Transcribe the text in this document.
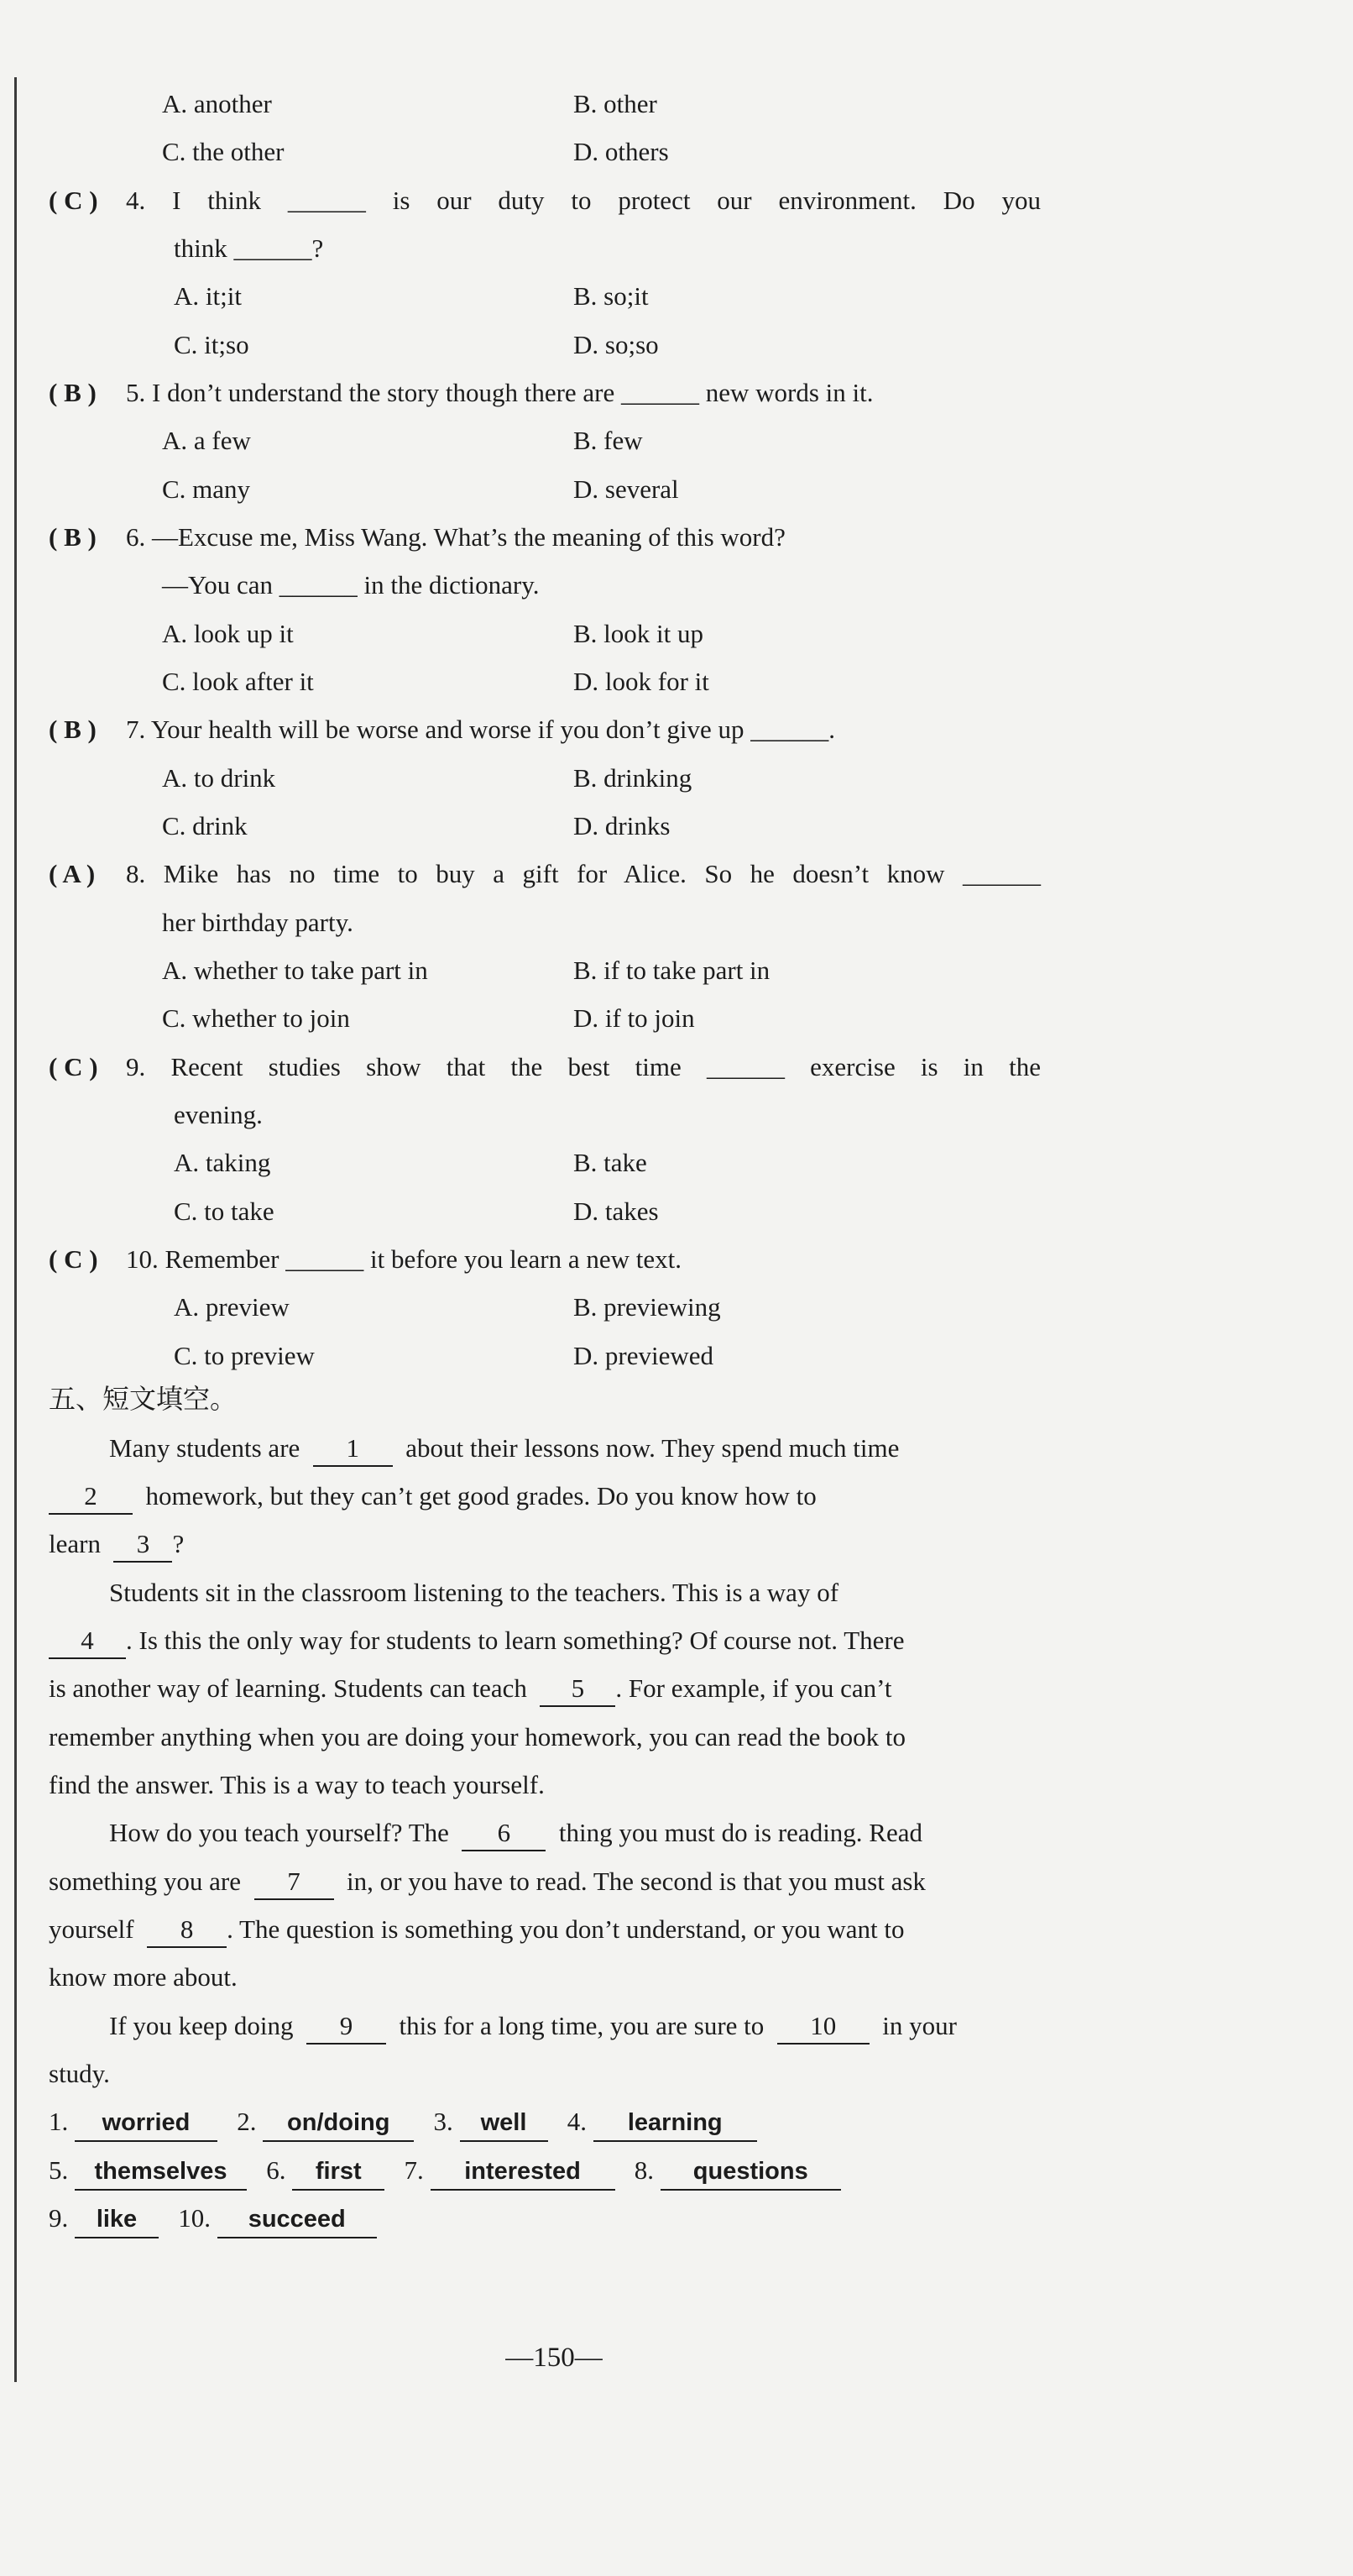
A. another	B. other
C. the other	D. others
( C ) 4. I think ______ is our duty to protect our environment. Do you
think ______?
A. it;it	B. so;it
C. it;so	D. so;so
( B ) 5. I don’t understand the story though there are ______ new words in it.
A. a few	B. few
C. many	D. several
( B ) 6. —Excuse me, Miss Wang. What’s the meaning of this word?
—You can ______ in the dictionary.
A. look up it	B. look it up
C. look after it	D. look for it
( B ) 7. Your health will be worse and worse if you don’t give up ______.
A. to drink	B. drinking
C. drink	D. drinks
( A ) 8. Mike has no time to buy a gift for Alice. So he doesn’t know ______
her birthday party.
A. whether to take part in	B. if to take part in
C. whether to join	D. if to join
( C ) 9. Recent studies show that the best time ______ exercise is in the
evening.
A. taking	B. take
C. to take	D. takes
( C ) 10. Remember ______ it before you learn a new text.
A. preview	B. previewing
C. to preview	D. previewed
五、短文填空。
Many students are 1 about their lessons now. They spend much time
2 homework, but they can’t get good grades. Do you know how to
learn 3 ?
Students sit in the classroom listening to the teachers. This is a way of
4 . Is this the only way for students to learn something? Of course not. There
is another way of learning. Students can teach 5 . For example, if you can’t
remember anything when you are doing your homework, you can read the book to
find the answer. This is a way to teach yourself.
How do you teach yourself? The 6 thing you must do is reading. Read
something you are 7 in, or you have to read. The second is that you must ask
yourself 8 . The question is something you don’t understand, or you want to
know more about.
If you keep doing 9 this for a long time, you are sure to 10 in your
study.
1. worried 2. on/doing 3. well 4. learning
5. themselves 6. first 7. interested 8. questions
9. like 10. succeed
—150—
